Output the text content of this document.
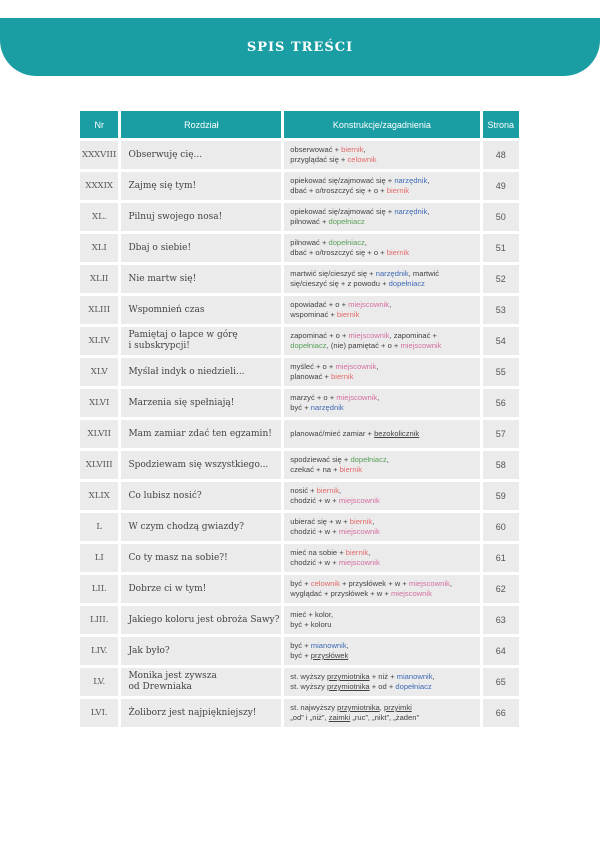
SPIS TREŚCI
Nr	Rozdział	Konstrukcje/zagadnienia	Strona
XXXVIII	Obserwuję cię...	obserwować + biernik,
przyglądać się + celownik	48
XXXIX	Zajmę się tym!	opiekować się/zajmować się + narzędnik,
dbać + o/troszczyć się + o + biernik	49
XL.	Pilnuj swojego nosa!	opiekować się/zajmować się + narzędnik,
pilnować + dopełniacz	50
XLI	Dbaj o siebie!	pilnować + dopełniacz,
dbać + o/troszczyć się + o + biernik	51
XLII	Nie martw się!	martwić się/cieszyć się + narzędnik, martwić
się/cieszyć się + z powodu + dopełniacz	52
XLIII	Wspomnień czas	opowiadać + o + miejscownik,
wspominać + biernik	53
XLIV	Pamiętaj o łapce w górę
i subskrypcji!	zapominać + o + miejscownik, zapominać +
dopełniacz, (nie) pamiętać + o + miejscownik	54
XLV	Myślał indyk o niedzieli...	myśleć + o + miejscownik,
planować + biernik	55
XLVI	Marzenia się spełniają!	marzyć + o + miejscownik,
być + narzędnik	56
XLVII	Mam zamiar zdać ten egzamin!	planować/mieć zamiar + bezokolicznik	57
XLVIII	Spodziewam się wszystkiego...	spodziewać się + dopełniacz,
czekać + na + biernik	58
XLIX	Co lubisz nosić?	nosić + biernik,
chodzić + w + miejscownik	59
L	W czym chodzą gwiazdy?	ubierać się + w + biernik,
chodzić + w + miejscownik	60
LI	Co ty masz na sobie?!	mieć na sobie + biernik,
chodzić + w + miejscownik	61
LII.	Dobrze ci w tym!	być + celownik + przysłówek + w + miejscownik,
wyglądać + przysłówek + w + miejscownik	62
LIII.	Jakiego koloru jest obroża Sawy?	mieć + kolor,
być + koloru	63
LIV.	Jak było?	być + mianownik,
być + przysłówek	64
LV.	Monika jest zywsza
od Drewniaka	st. wyższy przymiotnika + niż + mianownik,
st. wyższy przymiotnika + od + dopełniacz	65
LVI.	Żoliborz jest najpiękniejszy!	st. najwyższy przymiotnika, przyimki
„od” i „niż”, zaimki „ruc”, „nikt”, „żaden”	66
